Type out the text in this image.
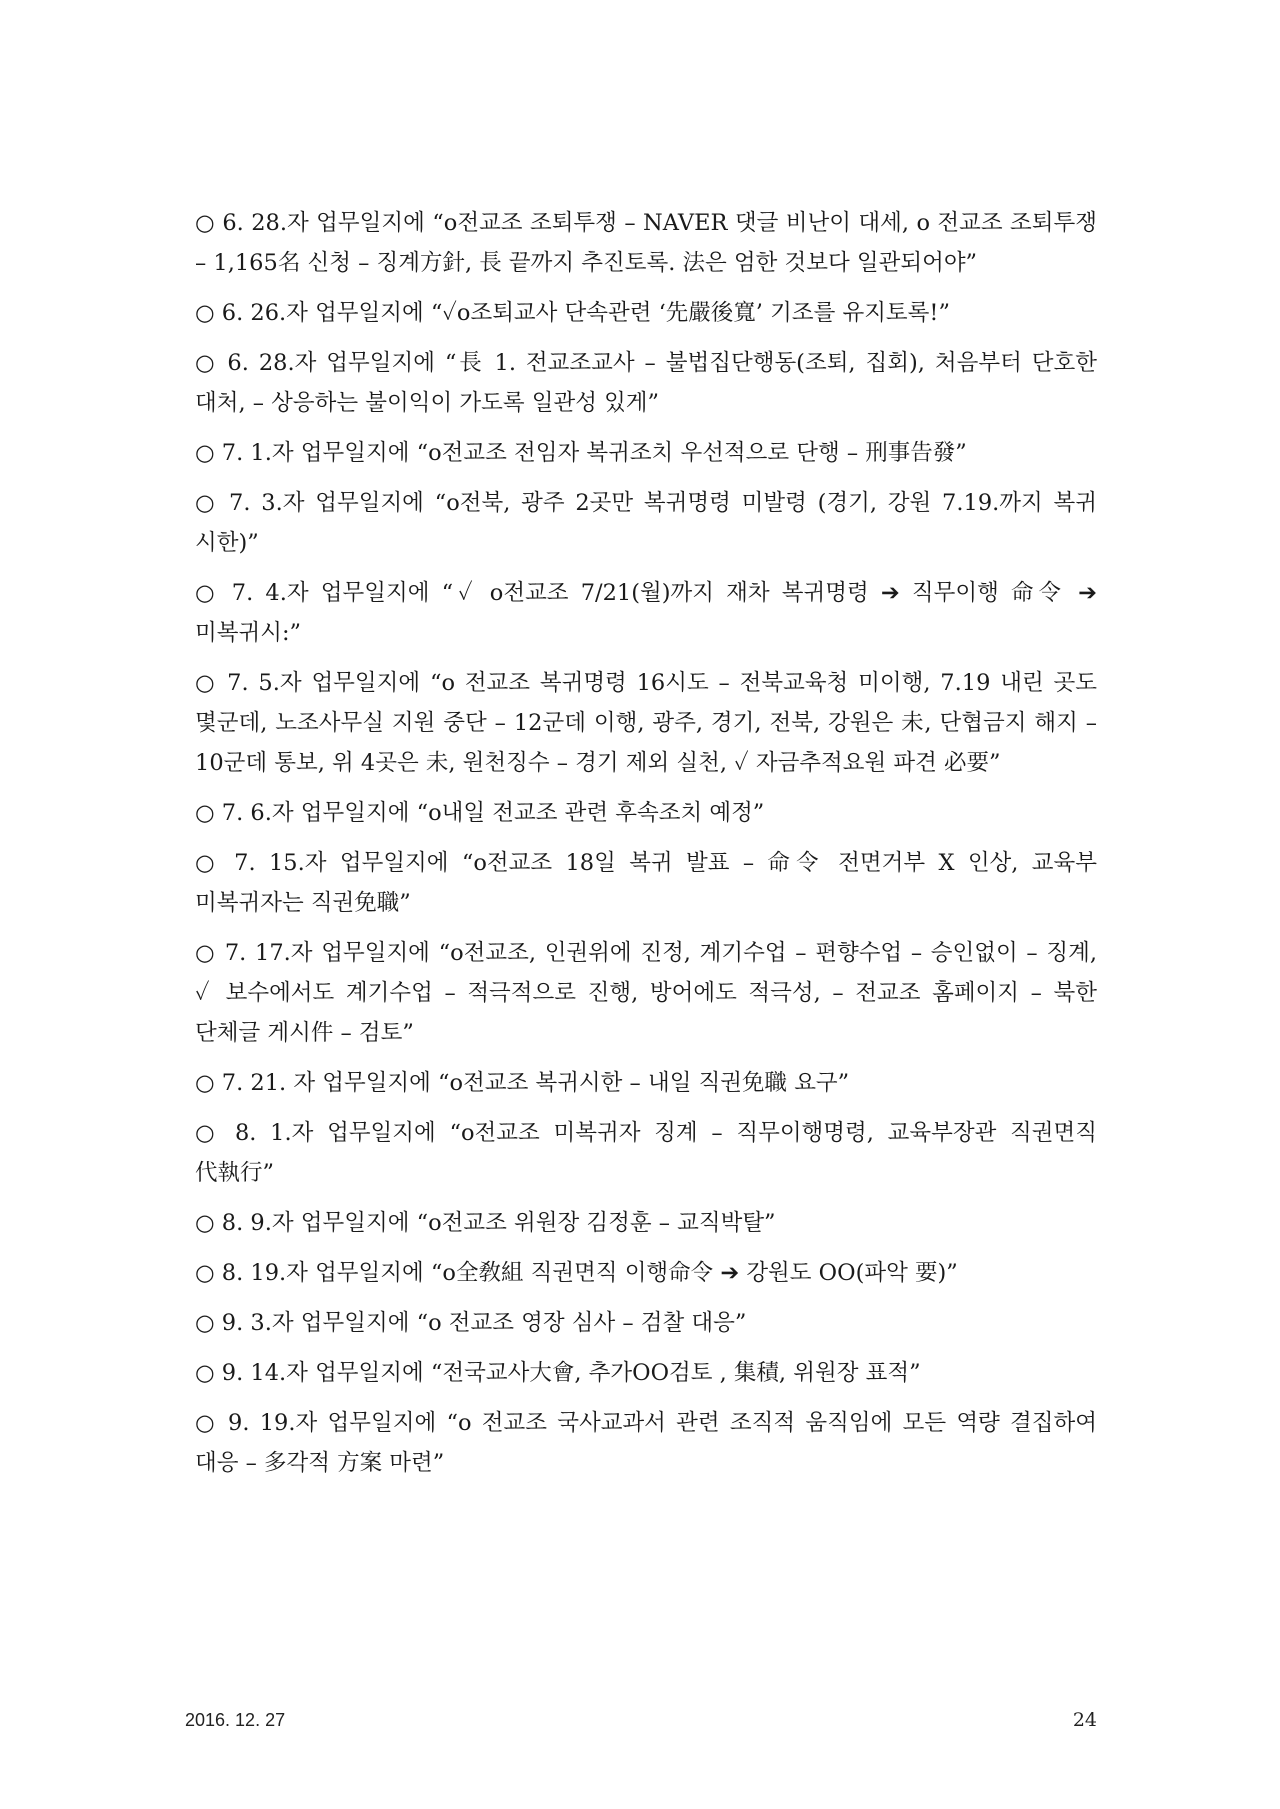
○ 6. 28.자 업무일지에 “o전교조 조퇴투쟁 – NAVER 댓글 비난이 대세, o 전교조 조퇴투쟁 – 1,165名 신청 – 징계方針, 長 끝까지 추진토록. 法은 엄한 것보다 일관되어야”

○ 6. 26.자 업무일지에 “✓o조퇴교사 단속관련 ‘先嚴後寬’ 기조를 유지토록!”

○ 6. 28.자 업무일지에 “長 1. 전교조교사 – 불법집단행동(조퇴, 집회), 처음부터 단호한 대처, – 상응하는 불이익이 가도록 일관성 있게”

○ 7. 1.자 업무일지에 “o전교조 전임자 복귀조치 우선적으로 단행 – 刑事告發”

○ 7. 3.자 업무일지에 “o전북, 광주 2곳만 복귀명령 미발령 (경기, 강원 7.19.까지 복귀 시한)”

○ 7. 4.자 업무일지에 “✓ o전교조 7/21(월)까지 재차 복귀명령 ➔ 직무이행 命令 ➔ 미복귀시:”

○ 7. 5.자 업무일지에 “o 전교조 복귀명령 16시도 – 전북교육청 미이행, 7.19 내린 곳도 몇군데, 노조사무실 지원 중단 – 12군데 이행, 광주, 경기, 전북, 강원은 未, 단협금지 해지 – 10군데 통보, 위 4곳은 未, 원천징수 – 경기 제외 실천, ✓ 자금추적요원 파견 必要”

○ 7. 6.자 업무일지에 “o내일 전교조 관련 후속조치 예정”

○ 7. 15.자 업무일지에 “o전교조 18일 복귀 발표 – 命令 전면거부 X 인상, 교육부 미복귀자는 직권免職”

○ 7. 17.자 업무일지에 “o전교조, 인권위에 진정, 계기수업 – 편향수업 – 승인없이 – 징계, ✓ 보수에서도 계기수업 – 적극적으로 진행, 방어에도 적극성, – 전교조 홈페이지 – 북한 단체글 게시件 – 검토”

○ 7. 21. 자 업무일지에 “o전교조 복귀시한 – 내일 직권免職 요구”

○ 8. 1.자 업무일지에 “o전교조 미복귀자 징계 – 직무이행명령, 교육부장관 직권면직 代執行”

○ 8. 9.자 업무일지에 “o전교조 위원장 김정훈 – 교직박탈”

○ 8. 19.자 업무일지에 “o全敎組 직권면직 이행命令 ➔ 강원도 OO(파악 要)”

○ 9. 3.자 업무일지에 “o 전교조 영장 심사 – 검찰 대응”

○ 9. 14.자 업무일지에 “전국교사大會, 추가OO검토 , 集積, 위원장 표적”

○ 9. 19.자 업무일지에 “o 전교조 국사교과서 관련 조직적 움직임에 모든 역량 결집하여 대응 – 多각적 方案 마련”

2016. 12. 27	24
